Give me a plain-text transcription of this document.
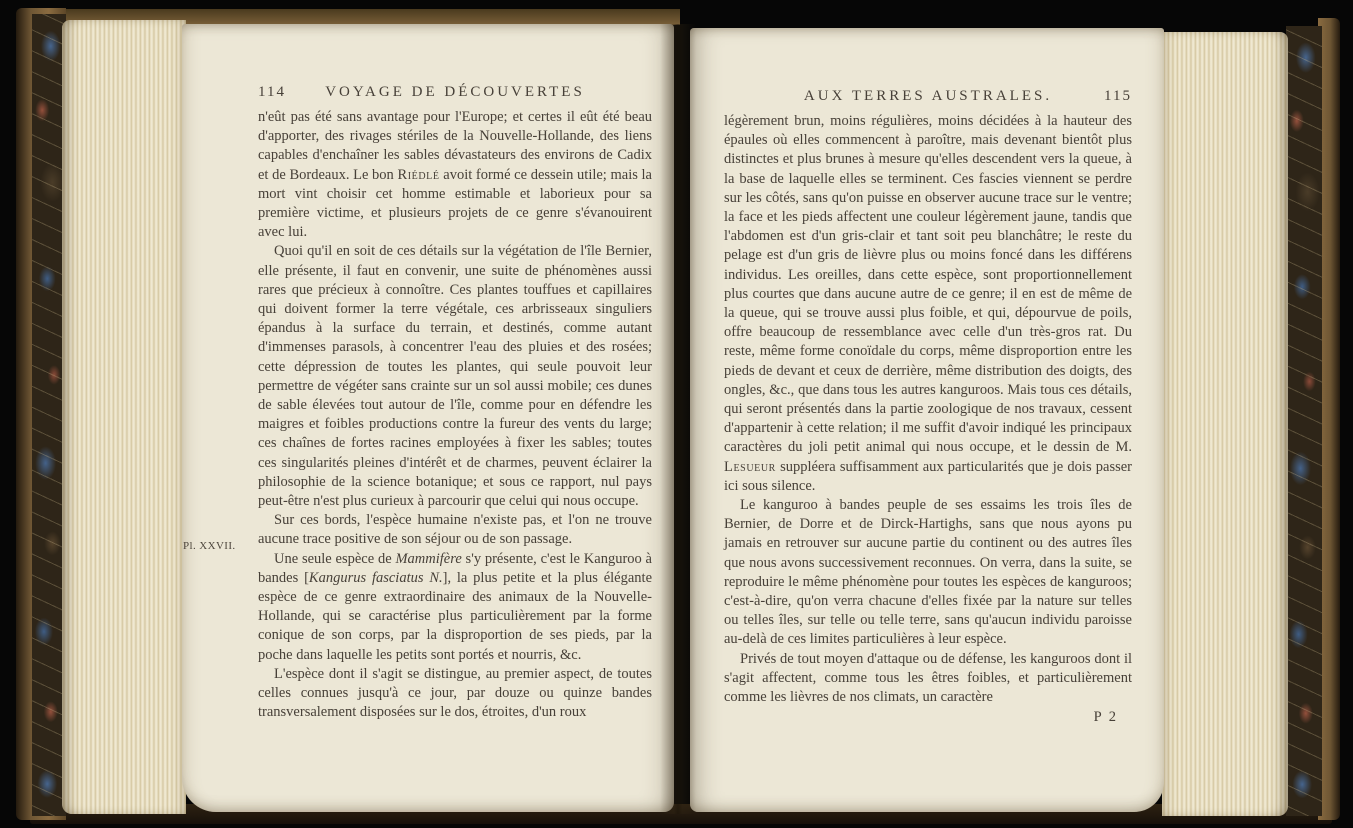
114	VOYAGE DE DÉCOUVERTES

n'eût pas été sans avantage pour l'Europe; et certes il eût été beau d'apporter, des rivages stériles de la Nouvelle-Hollande, des liens capables d'enchaîner les sables dévastateurs des environs de Cadix et de Bordeaux. Le bon Riédlé avoit formé ce dessein utile; mais la mort vint choisir cet homme estimable et laborieux pour sa première victime, et plusieurs projets de ce genre s'évanouirent avec lui.

Quoi qu'il en soit de ces détails sur la végétation de l'île Bernier, elle présente, il faut en convenir, une suite de phénomènes aussi rares que précieux à connoître. Ces plantes touffues et capillaires qui doivent former la terre végétale, ces arbrisseaux singuliers épandus à la surface du terrain, et destinés, comme autant d'immenses parasols, à concentrer l'eau des pluies et des rosées; cette dépression de toutes les plantes, qui seule pouvoit leur permettre de végéter sans crainte sur un sol aussi mobile; ces dunes de sable élevées tout autour de l'île, comme pour en défendre les maigres et foibles productions contre la fureur des vents du large; ces chaînes de fortes racines employées à fixer les sables; toutes ces singularités pleines d'intérêt et de charmes, peuvent éclairer la philosophie de la science botanique; et sous ce rapport, nul pays peut-être n'est plus curieux à parcourir que celui qui nous occupe.

Sur ces bords, l'espèce humaine n'existe pas, et l'on ne trouve aucune trace positive de son séjour ou de son passage.

Une seule espèce de Mammifère s'y présente, c'est le Kanguroo à bandes [Kangurus fasciatus N.], la plus petite et la plus élégante espèce de ce genre extraordinaire des animaux de la Nouvelle-Hollande, qui se caractérise plus particulièrement par la forme conique de son corps, par la disproportion de ses pieds, par la poche dans laquelle les petits sont portés et nourris, &c.

L'espèce dont il s'agit se distingue, au premier aspect, de toutes celles connues jusqu'à ce jour, par douze ou quinze bandes transversalement disposées sur le dos, étroites, d'un roux

Pl. XXVII.
AUX TERRES AUSTRALES.	115

légèrement brun, moins régulières, moins décidées à la hauteur des épaules où elles commencent à paroître, mais devenant bientôt plus distinctes et plus brunes à mesure qu'elles descendent vers la queue, à la base de laquelle elles se terminent. Ces fascies viennent se perdre sur les côtés, sans qu'on puisse en observer aucune trace sur le ventre; la face et les pieds affectent une couleur légèrement jaune, tandis que l'abdomen est d'un gris-clair et tant soit peu blanchâtre; le reste du pelage est d'un gris de lièvre plus ou moins foncé dans les différens individus. Les oreilles, dans cette espèce, sont proportionnellement plus courtes que dans aucune autre de ce genre; il en est de même de la queue, qui se trouve aussi plus foible, et qui, dépourvue de poils, offre beaucoup de ressemblance avec celle d'un très-gros rat. Du reste, même forme conoïdale du corps, même disproportion entre les pieds de devant et ceux de derrière, même distribution des doigts, des ongles, &c., que dans tous les autres kanguroos. Mais tous ces détails, qui seront présentés dans la partie zoologique de nos travaux, cessent d'appartenir à cette relation; il me suffit d'avoir indiqué les principaux caractères du joli petit animal qui nous occupe, et le dessin de M. Lesueur suppléera suffisamment aux particularités que je dois passer ici sous silence.

Le kanguroo à bandes peuple de ses essaims les trois îles de Bernier, de Dorre et de Dirck-Hartighs, sans que nous ayons pu jamais en retrouver sur aucune partie du continent ou des autres îles que nous avons successivement reconnues. On verra, dans la suite, se reproduire le même phénomène pour toutes les espèces de kanguroos; c'est-à-dire, qu'on verra chacune d'elles fixée par la nature sur telles ou telles îles, sur telle ou telle terre, sans qu'aucun individu paroisse au-delà de ces limites particulières à leur espèce.

Privés de tout moyen d'attaque ou de défense, les kanguroos dont il s'agit affectent, comme tous les êtres foibles, et particulièrement comme les lièvres de nos climats, un caractère

P 2
